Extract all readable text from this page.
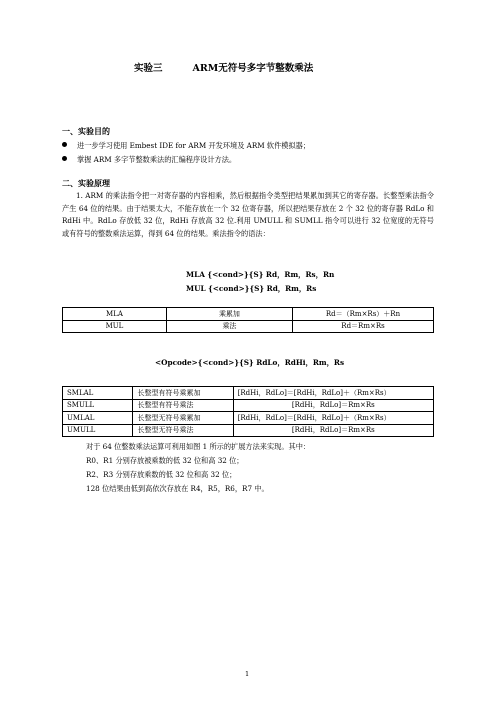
实验三	ARM无符号多字节整数乘法
一、实验目的
进一步学习使用 Embest IDE for ARM 开发环境及 ARM 软件模拟器；
掌握 ARM 多字节整数乘法的汇编程序设计方法。
二、实验原理
1. ARM 的乘法指令把一对寄存器的内容相乘，然后根据指令类型把结果累加到其它的寄存器。长整型乘法指令产生 64 位的结果。由于结果太大，不能存放在一个 32 位寄存器，所以把结果存放在 2 个 32 位的寄存器 RdLo 和 RdHi 中。RdLo 存放低 32 位，RdHi 存放高 32 位.利用 UMULL 和 SUMLL 指令可以进行 32 位宽度的无符号或有符号的整数乘法运算，得到 64 位的结果。乘法指令的语法：
MLA {<cond>}{S} Rd，Rm，Rs，Rn
MUL {<cond>}{S} Rd，Rm，Rs
MLA	乘累加	Rd＝（Rm×Rs）＋Rn
MUL	乘法	Rd＝Rm×Rs
<Opcode>{<cond>}{S} RdLo，RdHi，Rm，Rs
SMLAL	长整型有符号乘累加	[RdHi，RdLo]＝[RdHi，RdLo]＋（Rm×Rs）
SMULL	长整型有符号乘法	[RdHi，RdLo]＝Rm×Rs
UMLAL	长整型无符号乘累加	[RdHi，RdLo]＝[RdHi，RdLo]＋（Rm×Rs）
UMULL	长整型无符号乘法	[RdHi，RdLo]＝Rm×Rs
对于 64 位整数乘法运算可利用如图 1 所示的扩展方法来实现。其中：
R0、R1 分别存放被乘数的低 32 位和高 32 位；
R2、R3 分别存放乘数的低 32 位和高 32 位；
128 位结果由低到高依次存放在 R4，R5，R6，R7 中。
1
